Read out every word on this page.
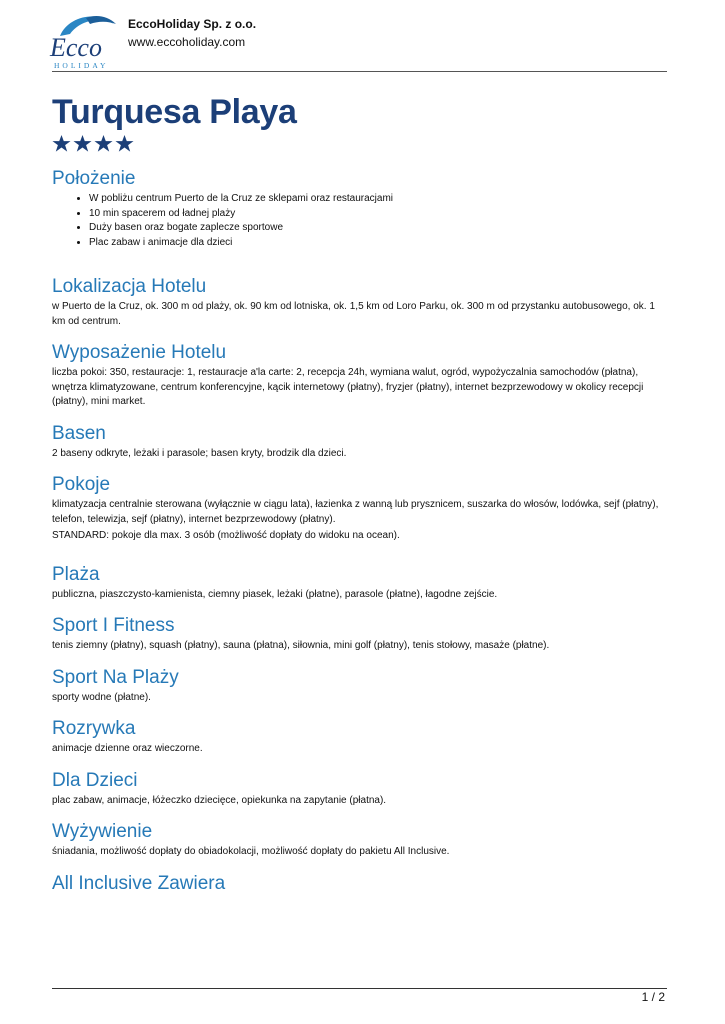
Ecco
HOLIDAY
EccoHoliday Sp. z o.o.
www.eccoholiday.com
Turquesa Playa
Położenie
• W pobliżu centrum Puerto de la Cruz ze sklepami oraz restauracjami
• 10 min spacerem od ładnej plaży
• Duży basen oraz bogate zaplecze sportowe
• Plac zabaw i animacje dla dzieci
Lokalizacja Hotelu

w Puerto de la Cruz, ok. 300 m od plaży, ok. 90 km od lotniska, ok. 1,5 km od Loro Parku, ok. 300 m od przystanku autobusowego, ok. 1 km od centrum.

Wyposażenie Hotelu

liczba pokoi: 350, restauracje: 1, restauracje a'la carte: 2, recepcja 24h, wymiana walut, ogród, wypożyczalnia samochodów (płatna), wnętrza klimatyzowane, centrum konferencyjne, kącik internetowy (płatny), fryzjer (płatny), internet bezprzewodowy w okolicy recepcji (płatny), mini market.

Basen

2 baseny odkryte, leżaki i parasole; basen kryty, brodzik dla dzieci.

Pokoje

klimatyzacja centralnie sterowana (wyłącznie w ciągu lata), łazienka z wanną lub prysznicem, suszarka do włosów, lodówka, sejf (płatny), telefon, telewizja, sejf (płatny), internet bezprzewodowy (płatny).

STANDARD: pokoje dla max. 3 osób (możliwość dopłaty do widoku na ocean).

Plaża

publiczna, piaszczysto-kamienista, ciemny piasek, leżaki (płatne), parasole (płatne), łagodne zejście.

Sport I Fitness

tenis ziemny (płatny), squash (płatny), sauna (płatna), siłownia, mini golf (płatny), tenis stołowy, masaże (płatne).

Sport Na Plaży

sporty wodne (płatne).

Rozrywka

animacje dzienne oraz wieczorne.

Dla Dzieci

plac zabaw, animacje, łóżeczko dziecięce, opiekunka na zapytanie (płatna).

Wyżywienie

śniadania, możliwość dopłaty do obiadokolacji, możliwość dopłaty do pakietu All Inclusive.

All Inclusive Zawiera
1 / 2
